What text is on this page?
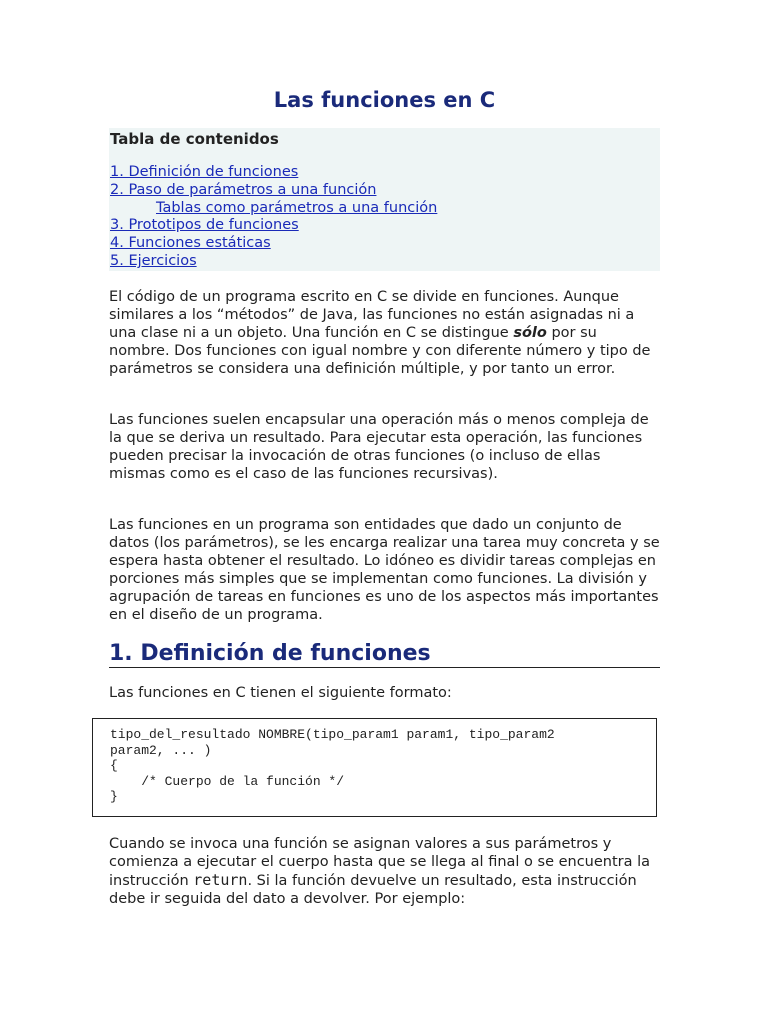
Las funciones en C

Tabla de contenidos

1. Definición de funciones
2. Paso de parámetros a una función
Tablas como parámetros a una función
3. Prototipos de funciones
4. Funciones estáticas
5. Ejercicios

El código de un programa escrito en C se divide en funciones. Aunque similares a los “métodos” de Java, las funciones no están asignadas ni a una clase ni a un objeto. Una función en C se distingue sólo por su nombre. Dos funciones con igual nombre y con diferente número y tipo de parámetros se considera una definición múltiple, y por tanto un error.

Las funciones suelen encapsular una operación más o menos compleja de la que se deriva un resultado. Para ejecutar esta operación, las funciones pueden precisar la invocación de otras funciones (o incluso de ellas mismas como es el caso de las funciones recursivas).

Las funciones en un programa son entidades que dado un conjunto de datos (los parámetros), se les encarga realizar una tarea muy concreta y se espera hasta obtener el resultado. Lo idóneo es dividir tareas complejas en porciones más simples que se implementan como funciones. La división y agrupación de tareas en funciones es uno de los aspectos más importantes en el diseño de un programa.

1. Definición de funciones

Las funciones en C tienen el siguiente formato:

tipo_del_resultado NOMBRE(tipo_param1 param1, tipo_param2
param2, ... )
{
/* Cuerpo de la función */
}

Cuando se invoca una función se asignan valores a sus parámetros y comienza a ejecutar el cuerpo hasta que se llega al final o se encuentra la instrucción return. Si la función devuelve un resultado, esta instrucción debe ir seguida del dato a devolver. Por ejemplo:
